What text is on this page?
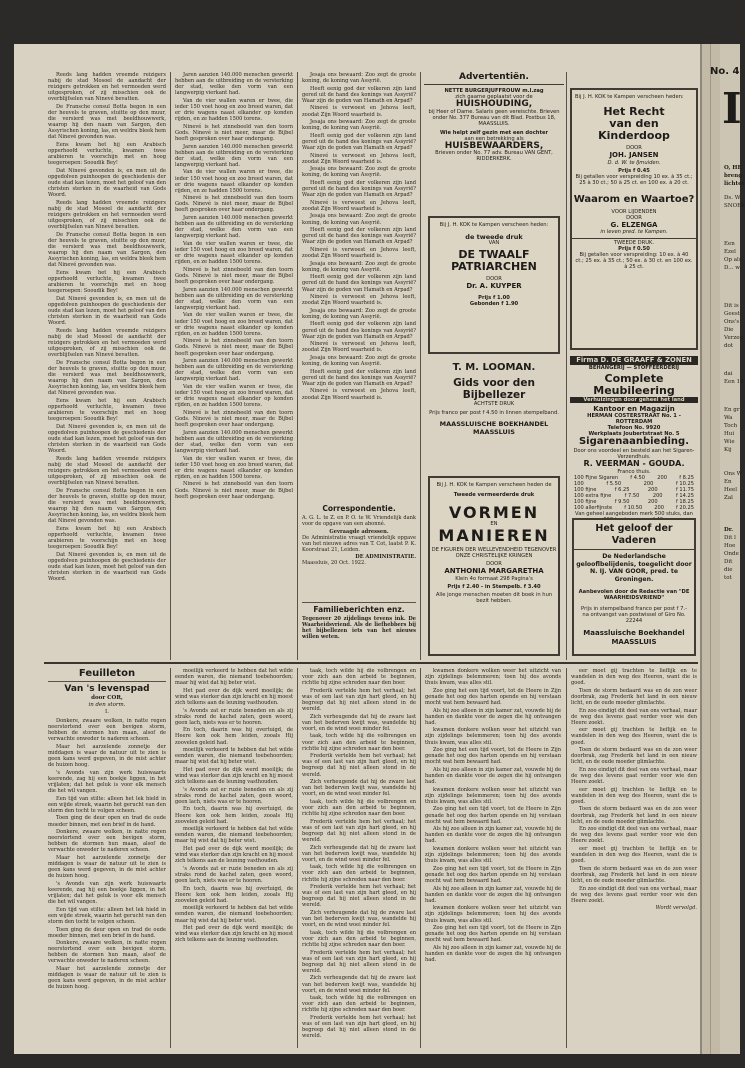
Reeds lang hadden vreemde reizigers nabij de stad Mosoel de aandacht der reizigers getrokken en het vermoeden werd uitgesproken, of zij misschien ook de overblijfselen van Ninevé bevatten.

De Fransche consul Botta begon in een der heuvels te graven, stuitte op den muur, die versierd was met beeldhouwwerk, waarop hij den naam van Sargon, den Assyrischen koning, las, en weldra bleek hem dat Ninevé gevonden was.

Eens kwam het hij een Arabisch opperhoofd verluchte, kwamen twee arabieren te voorschijn met en hoog teegeroepen: Sooudik Bey!

Dat Ninevé gevonden is, en men uit de opgedolven puinhoopen de geschiedenis der oude stad kan lezen, moet het geloof van den christen sterken in de waarheid van Gods Woord.

Reeds lang hadden vreemde reizigers nabij de stad Mosoel de aandacht der reizigers getrokken en het vermoeden werd uitgesproken, of zij misschien ook de overblijfselen van Ninevé bevatten.

De Fransche consul Botta begon in een der heuvels te graven, stuitte op den muur, die versierd was met beeldhouwwerk, waarop hij den naam van Sargon, den Assyrischen koning, las, en weldra bleek hem dat Ninevé gevonden was.

Eens kwam het hij een Arabisch opperhoofd verluchte, kwamen twee arabieren te voorschijn met en hoog teegeroepen: Sooudik Bey!

Dat Ninevé gevonden is, en men uit de opgedolven puinhoopen de geschiedenis der oude stad kan lezen, moet het geloof van den christen sterken in de waarheid van Gods Woord.

Reeds lang hadden vreemde reizigers nabij de stad Mosoel de aandacht der reizigers getrokken en het vermoeden werd uitgesproken, of zij misschien ook de overblijfselen van Ninevé bevatten.

De Fransche consul Botta begon in een der heuvels te graven, stuitte op den muur, die versierd was met beeldhouwwerk, waarop hij den naam van Sargon, den Assyrischen koning, las, en weldra bleek hem dat Ninevé gevonden was.

Eens kwam het hij een Arabisch opperhoofd verluchte, kwamen twee arabieren te voorschijn met en hoog teegeroepen: Sooudik Bey!

Dat Ninevé gevonden is, en men uit de opgedolven puinhoopen de geschiedenis der oude stad kan lezen, moet het geloof van den christen sterken in de waarheid van Gods Woord.

Reeds lang hadden vreemde reizigers nabij de stad Mosoel de aandacht der reizigers getrokken en het vermoeden werd uitgesproken, of zij misschien ook de overblijfselen van Ninevé bevatten.

De Fransche consul Botta begon in een der heuvels te graven, stuitte op den muur, die versierd was met beeldhouwwerk, waarop hij den naam van Sargon, den Assyrischen koning, las, en weldra bleek hem dat Ninevé gevonden was.

Eens kwam het hij een Arabisch opperhoofd verluchte, kwamen twee arabieren te voorschijn met en hoog teegeroepen: Sooudik Bey!

Dat Ninevé gevonden is, en men uit de opgedolven puinhoopen de geschiedenis der oude stad kan lezen, moet het geloof van den christen sterken in de waarheid van Gods Woord.

Jaren aanzien 140.000 menschen gewerkt hebben aan de uitbreiding en de versterking der stad, welke den vorm van een langwerpig vierkant had.

Van de vier wallen waren er twee, die ieder 150 voet hoog en zoo breed waren, dat er drie wagens naast elkander op konden rijden, en ze hadden 1500 torens.

Ninevé is het zinnebeeld van den toorn Gods. Ninevé is niet meer, maar de Bijbel heeft gesproken over haar ondergang.

Jaren aanzien 140.000 menschen gewerkt hebben aan de uitbreiding en de versterking der stad, welke den vorm van een langwerpig vierkant had.

Van de vier wallen waren er twee, die ieder 150 voet hoog en zoo breed waren, dat er drie wagens naast elkander op konden rijden, en ze hadden 1500 torens.

Ninevé is het zinnebeeld van den toorn Gods. Ninevé is niet meer, maar de Bijbel heeft gesproken over haar ondergang.

Jaren aanzien 140.000 menschen gewerkt hebben aan de uitbreiding en de versterking der stad, welke den vorm van een langwerpig vierkant had.

Van de vier wallen waren er twee, die ieder 150 voet hoog en zoo breed waren, dat er drie wagens naast elkander op konden rijden, en ze hadden 1500 torens.

Ninevé is het zinnebeeld van den toorn Gods. Ninevé is niet meer, maar de Bijbel heeft gesproken over haar ondergang.

Jaren aanzien 140.000 menschen gewerkt hebben aan de uitbreiding en de versterking der stad, welke den vorm van een langwerpig vierkant had.

Van de vier wallen waren er twee, die ieder 150 voet hoog en zoo breed waren, dat er drie wagens naast elkander op konden rijden, en ze hadden 1500 torens.

Ninevé is het zinnebeeld van den toorn Gods. Ninevé is niet meer, maar de Bijbel heeft gesproken over haar ondergang.

Jaren aanzien 140.000 menschen gewerkt hebben aan de uitbreiding en de versterking der stad, welke den vorm van een langwerpig vierkant had.

Van de vier wallen waren er twee, die ieder 150 voet hoog en zoo breed waren, dat er drie wagens naast elkander op konden rijden, en ze hadden 1500 torens.

Ninevé is het zinnebeeld van den toorn Gods. Ninevé is niet meer, maar de Bijbel heeft gesproken over haar ondergang.

Jaren aanzien 140.000 menschen gewerkt hebben aan de uitbreiding en de versterking der stad, welke den vorm van een langwerpig vierkant had.

Van de vier wallen waren er twee, die ieder 150 voet hoog en zoo breed waren, dat er drie wagens naast elkander op konden rijden, en ze hadden 1500 torens.

Ninevé is het zinnebeeld van den toorn Gods. Ninevé is niet meer, maar de Bijbel heeft gesproken over haar ondergang.

Jesaja ons bewaard: Zoo zegt de groote koning, de koning van Assyrië.

Heeft eenig god der volkeren zijn land gered uit de hand des konings van Assyrië? Waar zijn de goden van Hamath en Arpad?

Ninevé is verwoest en Jehova leeft, zoodat Zijn Woord waarheid is.

Jesaja ons bewaard: Zoo zegt de groote koning, de koning van Assyrië.

Heeft eenig god der volkeren zijn land gered uit de hand des konings van Assyrië? Waar zijn de goden van Hamath en Arpad?

Ninevé is verwoest en Jehova leeft, zoodat Zijn Woord waarheid is.

Jesaja ons bewaard: Zoo zegt de groote koning, de koning van Assyrië.

Heeft eenig god der volkeren zijn land gered uit de hand des konings van Assyrië? Waar zijn de goden van Hamath en Arpad?

Ninevé is verwoest en Jehova leeft, zoodat Zijn Woord waarheid is.

Jesaja ons bewaard: Zoo zegt de groote koning, de koning van Assyrië.

Heeft eenig god der volkeren zijn land gered uit de hand des konings van Assyrië? Waar zijn de goden van Hamath en Arpad?

Ninevé is verwoest en Jehova leeft, zoodat Zijn Woord waarheid is.

Jesaja ons bewaard: Zoo zegt de groote koning, de koning van Assyrië.

Heeft eenig god der volkeren zijn land gered uit de hand des konings van Assyrië? Waar zijn de goden van Hamath en Arpad?

Ninevé is verwoest en Jehova leeft, zoodat Zijn Woord waarheid is.

Jesaja ons bewaard: Zoo zegt de groote koning, de koning van Assyrië.

Heeft eenig god der volkeren zijn land gered uit de hand des konings van Assyrië? Waar zijn de goden van Hamath en Arpad?

Ninevé is verwoest en Jehova leeft, zoodat Zijn Woord waarheid is.

Jesaja ons bewaard: Zoo zegt de groote koning, de koning van Assyrië.

Heeft eenig god der volkeren zijn land gered uit de hand des konings van Assyrië? Waar zijn de goden van Hamath en Arpad?

Ninevé is verwoest en Jehova leeft, zoodat Zijn Woord waarheid is.

Correspondentie.
A. G. L. te Z. en P. O. te W. Vriendelijk dank voor de opgave van een abonné.
Gevraagde adressen.
De Administratie vraagt vriendelijk opgave van het nieuwe adres van T. Cot, laatst P. K. Koorstraat 21, Leiden.
DE ADMINISTRATIE.
Maassluis, 20 Oct. 1922.
Familieberichten enz.
Tegenover 20 zijdelings tevens ink. De Waarheidsvriend. Als de liefhebbers bij het bijbellezen iets van het nieuws willen weten.
Advertentiën.
NETTE BURGERJUFFROUW m.l.zag
zich gaarne geplaatst voor de
HUISHOUDING,
bij Heer of Dame. Salaris geen vereischte. Brieven onder No. 377 Bureau van dit Blad. Postbus 18, MAASSLUIS.
Wie helpt zelf gezin met een dochter
aan een betrekking als
HUISBEWAARDERS,
Brieven onder No. 77 adv. Bureau VAN GENT, RIDDERKERK.
Bij J. H. KOK te Kampen verscheen heden:
de tweede druk
VAN
DE TWAALF
PATRIARCHEN
DOOR
Dr. A. KUYPER
Prijs f 1.00
Gebonden f 1.90
T. M. LOOMAN.
Gids voor den Bijbellezer
ACHTSTE DRUK
Prijs franco per post f 4.50 in linnen stempelband.
MAASSLUISCHE BOEKHANDEL
MAASSLUIS
Bij J. H. KOK te Kampen verscheen heden de
Tweede vermeerderde druk
VORMEN
EN
MANIEREN
DE FIGUREN DER WELLEVENDHEID TEGENOVER ONZE CHRISTELIJKE KRINGEN
DOOR
ANTHONIA MARGARETHA
Klein 4o formaat 298 Pagina's
Prijs f 2.40 - in Stempelb. f 3.40
Alle jonge menschen moeten dit boek in hun bezit hebben.
Bij J. H. KOK te Kampen verscheen heden:
Het Recht
van den Kinderdoop
DOOR
JOH. JANSEN
D. d. W. te IJmuiden.
Prijs f 0.45
Bij getallen voor verspreiding 10 ex. à 35 ct.; 25 à 30 ct.; 50 à 25 ct. en 100 ex. à 20 ct.
Waarom en Waartoe?
VOOR LIJDENDEN
DOOR
G. ELZENGA
in leven pred. te Kampen.
TWEEDE DRUK.
Prijs f 0.50
Bij getallen voor verspreiding: 10 ex. à 40 ct.; 25 ex. à 35 ct.; 50 ex. à 30 ct. en 100 ex. à 25 ct.
Firma D. DE GRAAFF & ZONEN
BEHANGERIJ — STOFFEERDERIJ
Complete Meubileering
Verhuizingen door geheel het land
Kantoor en Magazijn
HERMAN COSTERSTRAAT No. 1 - ROTTERDAM
Telefoon No. 9920
Werkplaats Joubertstraat No. 5
Sigarenaanbieding.
Door ons voordeel en besteld aan het Sigaren-Verzendhuis.
R. VEERMAN - GOUDA.
Franco thuis.
100 Fijne Sigaren f 4.50 200 f 8.25
100	f 5.50	200	f 10.25
100 fijne	f 6.25	200	f 11.75
100 extra fijne	f 7.50	200	f 14.25
100 fijne	f 9.50	200	f 18.25
100 allerfijnste f 10.50 200 f 20.25
Van geheel aangeboden merk 500 stuks, dan
Het geloof der Vaderen
De Nederlandsche gelooflbelijdenis, toegelicht door N. IJ. VAN GOOR, pred. te Groningen.
Aanbevolen door de Redactie van "DE WAARHEIDSVRIEND"
Prijs in stempelband franco per post f 7.- na ontvangst van postwissel of Giro No. 22244
Maassluische Boekhandel
MAASSLUIS
Feuilleton
Van 's levenspad
door COR,
in den storm.
I.

Donkere, zwaare wolken, in natte regen neerstortend over een bevigen storm, hebben de stormen hun maan, alsof de verwachte onweder te naderen scheen.

Maar het aarzelende zonnetje der middagen is waar de natuur uit te zien is geen kans werd gegeven, in de mist achter de huizen hoog.

's Avonds van zijn werk huiswaarts keerende, zag hij een boekje liggen, in het vrijlaten; dat het geluk is voor elk mensch die het wil vangen.

Een tijd van stilte: alleen het lek hield in een wijde streek, waarin het gerucht van den storm den tocht te volgen scheen.

Toen ging de deur open en trad de oude moeder binnen, met een brief in de hand.

Donkere, zwaare wolken, in natte regen neerstortend over een bevigen storm, hebben de stormen hun maan, alsof de verwachte onweder te naderen scheen.

Maar het aarzelende zonnetje der middagen is waar de natuur uit te zien is geen kans werd gegeven, in de mist achter de huizen hoog.

's Avonds van zijn werk huiswaarts keerende, zag hij een boekje liggen, in het vrijlaten; dat het geluk is voor elk mensch die het wil vangen.

Een tijd van stilte: alleen het lek hield in een wijde streek, waarin het gerucht van den storm den tocht te volgen scheen.

Toen ging de deur open en trad de oude moeder binnen, met een brief in de hand.

Donkere, zwaare wolken, in natte regen neerstortend over een bevigen storm, hebben de stormen hun maan, alsof de verwachte onweder te naderen scheen.

Maar het aarzelende zonnetje der middagen is waar de natuur uit te zien is geen kans werd gegeven, in de mist achter de huizen hoog.

moeilijk verkeerd te hebben dat het wilde eenden waren, die niemand toebehoorden; maar hij wist dat hij beter wist.

Het pad over de dijk werd moeilijk; de wind was sterker dan zijn kracht en hij moest zich telkens aan de leuning vasthouden.

's Avonds zat er ruzie beneden en als zij straks rond de kachel zaten, geen woord, geen lach, niets was er te hooren.

En toch, daarin was hij overtuigd, de Heere kon ook hem leiden, zooals Hij zoovelen geleid had.

moeilijk verkeerd te hebben dat het wilde eenden waren, die niemand toebehoorden; maar hij wist dat hij beter wist.

Het pad over de dijk werd moeilijk; de wind was sterker dan zijn kracht en hij moest zich telkens aan de leuning vasthouden.

's Avonds zat er ruzie beneden en als zij straks rond de kachel zaten, geen woord, geen lach, niets was er te hooren.

En toch, daarin was hij overtuigd, de Heere kon ook hem leiden, zooals Hij zoovelen geleid had.

moeilijk verkeerd te hebben dat het wilde eenden waren, die niemand toebehoorden; maar hij wist dat hij beter wist.

Het pad over de dijk werd moeilijk; de wind was sterker dan zijn kracht en hij moest zich telkens aan de leuning vasthouden.

's Avonds zat er ruzie beneden en als zij straks rond de kachel zaten, geen woord, geen lach, niets was er te hooren.

En toch, daarin was hij overtuigd, de Heere kon ook hem leiden, zooals Hij zoovelen geleid had.

moeilijk verkeerd te hebben dat het wilde eenden waren, die niemand toebehoorden; maar hij wist dat hij beter wist.

Het pad over de dijk werd moeilijk; de wind was sterker dan zijn kracht en hij moest zich telkens aan de leuning vasthouden.

taak, toch wilde hij die volbrengen en voor zich aan den arbeid te beginnen, richtte hij zijne schreden naar den boer.

Frederik vertelde hem het verhaal; het was of een last van zijn hart gleed, en hij begreep dat hij niet alleen stond in de wereld.

Zich verheugende dat hij de zware last van het bederven kwijt was, wandelde hij voort, en de wind woei minder fel.

taak, toch wilde hij die volbrengen en voor zich aan den arbeid te beginnen, richtte hij zijne schreden naar den boer.

Frederik vertelde hem het verhaal; het was of een last van zijn hart gleed, en hij begreep dat hij niet alleen stond in de wereld.

Zich verheugende dat hij de zware last van het bederven kwijt was, wandelde hij voort, en de wind woei minder fel.

taak, toch wilde hij die volbrengen en voor zich aan den arbeid te beginnen, richtte hij zijne schreden naar den boer.

Frederik vertelde hem het verhaal; het was of een last van zijn hart gleed, en hij begreep dat hij niet alleen stond in de wereld.

Zich verheugende dat hij de zware last van het bederven kwijt was, wandelde hij voort, en de wind woei minder fel.

taak, toch wilde hij die volbrengen en voor zich aan den arbeid te beginnen, richtte hij zijne schreden naar den boer.

Frederik vertelde hem het verhaal; het was of een last van zijn hart gleed, en hij begreep dat hij niet alleen stond in de wereld.

Zich verheugende dat hij de zware last van het bederven kwijt was, wandelde hij voort, en de wind woei minder fel.

taak, toch wilde hij die volbrengen en voor zich aan den arbeid te beginnen, richtte hij zijne schreden naar den boer.

Frederik vertelde hem het verhaal; het was of een last van zijn hart gleed, en hij begreep dat hij niet alleen stond in de wereld.

Zich verheugende dat hij de zware last van het bederven kwijt was, wandelde hij voort, en de wind woei minder fel.

taak, toch wilde hij die volbrengen en voor zich aan den arbeid te beginnen, richtte hij zijne schreden naar den boer.

Frederik vertelde hem het verhaal; het was of een last van zijn hart gleed, en hij begreep dat hij niet alleen stond in de wereld.

kwamen donkere wolken weer het uitzicht van zijn zijdelings belemmeren; toen hij des avonds thuis kwam, was alles stil.

Zoo ging het een tijd voort, tot de Heere in Zijn genade het oog des harten opende en hij verstaan mocht wat hem bewaard had.

Als hij zoo alleen in zijn kamer zat, vouwde hij de handen en dankte voor de zegen die hij ontvangen had.

kwamen donkere wolken weer het uitzicht van zijn zijdelings belemmeren; toen hij des avonds thuis kwam, was alles stil.

Zoo ging het een tijd voort, tot de Heere in Zijn genade het oog des harten opende en hij verstaan mocht wat hem bewaard had.

Als hij zoo alleen in zijn kamer zat, vouwde hij de handen en dankte voor de zegen die hij ontvangen had.

kwamen donkere wolken weer het uitzicht van zijn zijdelings belemmeren; toen hij des avonds thuis kwam, was alles stil.

Zoo ging het een tijd voort, tot de Heere in Zijn genade het oog des harten opende en hij verstaan mocht wat hem bewaard had.

Als hij zoo alleen in zijn kamer zat, vouwde hij de handen en dankte voor de zegen die hij ontvangen had.

kwamen donkere wolken weer het uitzicht van zijn zijdelings belemmeren; toen hij des avonds thuis kwam, was alles stil.

Zoo ging het een tijd voort, tot de Heere in Zijn genade het oog des harten opende en hij verstaan mocht wat hem bewaard had.

Als hij zoo alleen in zijn kamer zat, vouwde hij de handen en dankte voor de zegen die hij ontvangen had.

kwamen donkere wolken weer het uitzicht van zijn zijdelings belemmeren; toen hij des avonds thuis kwam, was alles stil.

Zoo ging het een tijd voort, tot de Heere in Zijn genade het oog des harten opende en hij verstaan mocht wat hem bewaard had.

Als hij zoo alleen in zijn kamer zat, vouwde hij de handen en dankte voor de zegen die hij ontvangen had.

eer moet gij trachten te lieflijk en te wandelen in den weg des Heeren, want die is goed.

Toen de storm bedaard was en de zon weer doorbrak, zag Frederik het land in een nieuw licht, en de oude moeder glimlachte.

En zoo eindigt dit deel van ons verhaal, maar de weg des levens gaat verder voor wie den Heere zoekt.

eer moet gij trachten te lieflijk en te wandelen in den weg des Heeren, want die is goed.

Toen de storm bedaard was en de zon weer doorbrak, zag Frederik het land in een nieuw licht, en de oude moeder glimlachte.

En zoo eindigt dit deel van ons verhaal, maar de weg des levens gaat verder voor wie den Heere zoekt.

eer moet gij trachten te lieflijk en te wandelen in den weg des Heeren, want die is goed.

Toen de storm bedaard was en de zon weer doorbrak, zag Frederik het land in een nieuw licht, en de oude moeder glimlachte.

En zoo eindigt dit deel van ons verhaal, maar de weg des levens gaat verder voor wie den Heere zoekt.

eer moet gij trachten te lieflijk en te wandelen in den weg des Heeren, want die is goed.

Toen de storm bedaard was en de zon weer doorbrak, zag Frederik het land in een nieuw licht, en de oude moeder glimlachte.

En zoo eindigt dit deel van ons verhaal, maar de weg des levens gaat verder voor wie den Heere zoekt.

Wordt vervolgd.

No. 4
I
O, HE
breng
lichter
Ds. W.
SNOEK
Een
Ezel
Op als
D... w
Dit is
Geest
Ons's
Die
Verzeg
dot
dai
Een 15
En gr
Wa
Toch
Hui
Wie
Kij
Ons W
En
Heel
Zal
Dr.
Dit l
Hoe
Onde
Dit
die
tot
